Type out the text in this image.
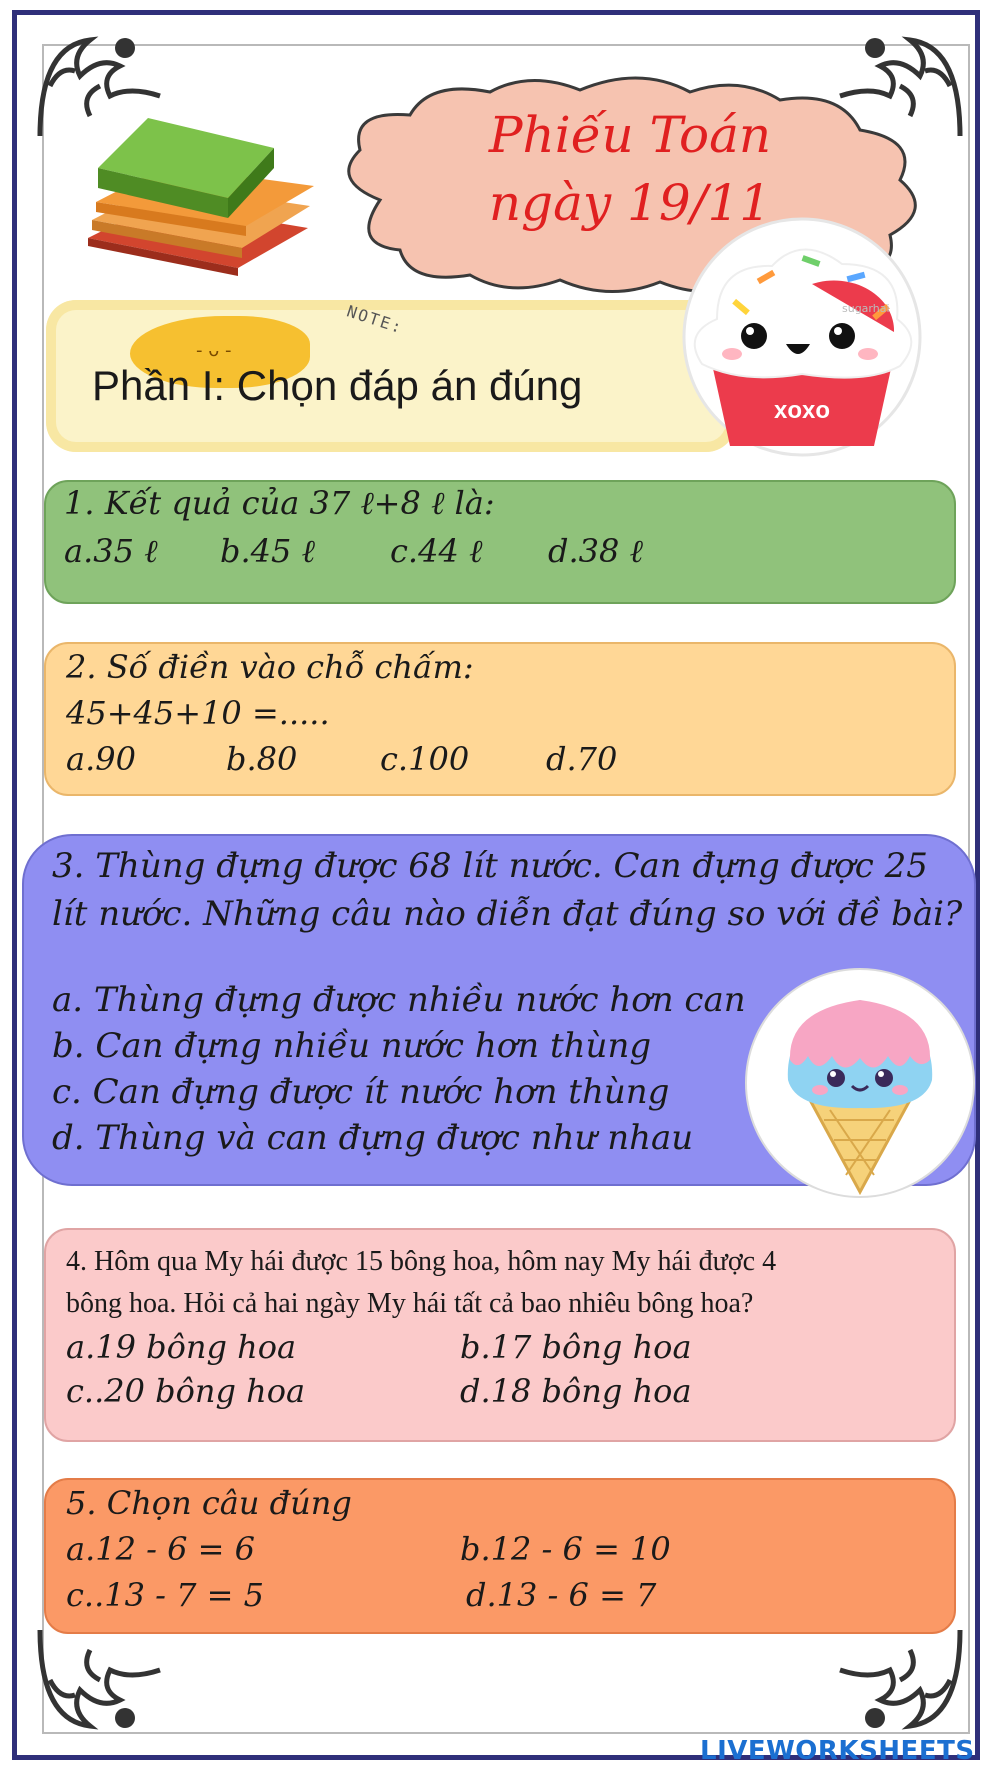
Phiếu Toán
ngày 19/11
- ᴗ -
NOTE:
Phần I: Chọn đáp án đúng
sugarhai
xoxo
1. Kết quả của 37 ℓ+8 ℓ là:
a.35 ℓ b.45 ℓ c.44 ℓ d.38 ℓ
2. Số điền vào chỗ chấm:
45+45+10 =.....
a.90	b.80	c.100 d.70
3. Thùng đựng được 68 lít nước. Can đựng được 25
lít nước. Những câu nào diễn đạt đúng so với đề bài?
a. Thùng đựng được nhiều nước hơn can
b. Can đựng nhiều nước hơn thùng
c. Can đựng được ít nước hơn thùng
d. Thùng và can đựng được như nhau
4. Hôm qua My hái được 15 bông hoa, hôm nay My hái được 4
bông hoa. Hỏi cả hai ngày My hái tất cả bao nhiêu bông hoa?
a.19 bông hoa	b.17 bông hoa
c..20 bông hoa	d.18 bông hoa
5. Chọn câu đúng
a.12 - 6 = 6	b.12 - 6 = 10
c..13 - 7 = 5	d.13 - 6 = 7
LIVEWORKSHEETS
